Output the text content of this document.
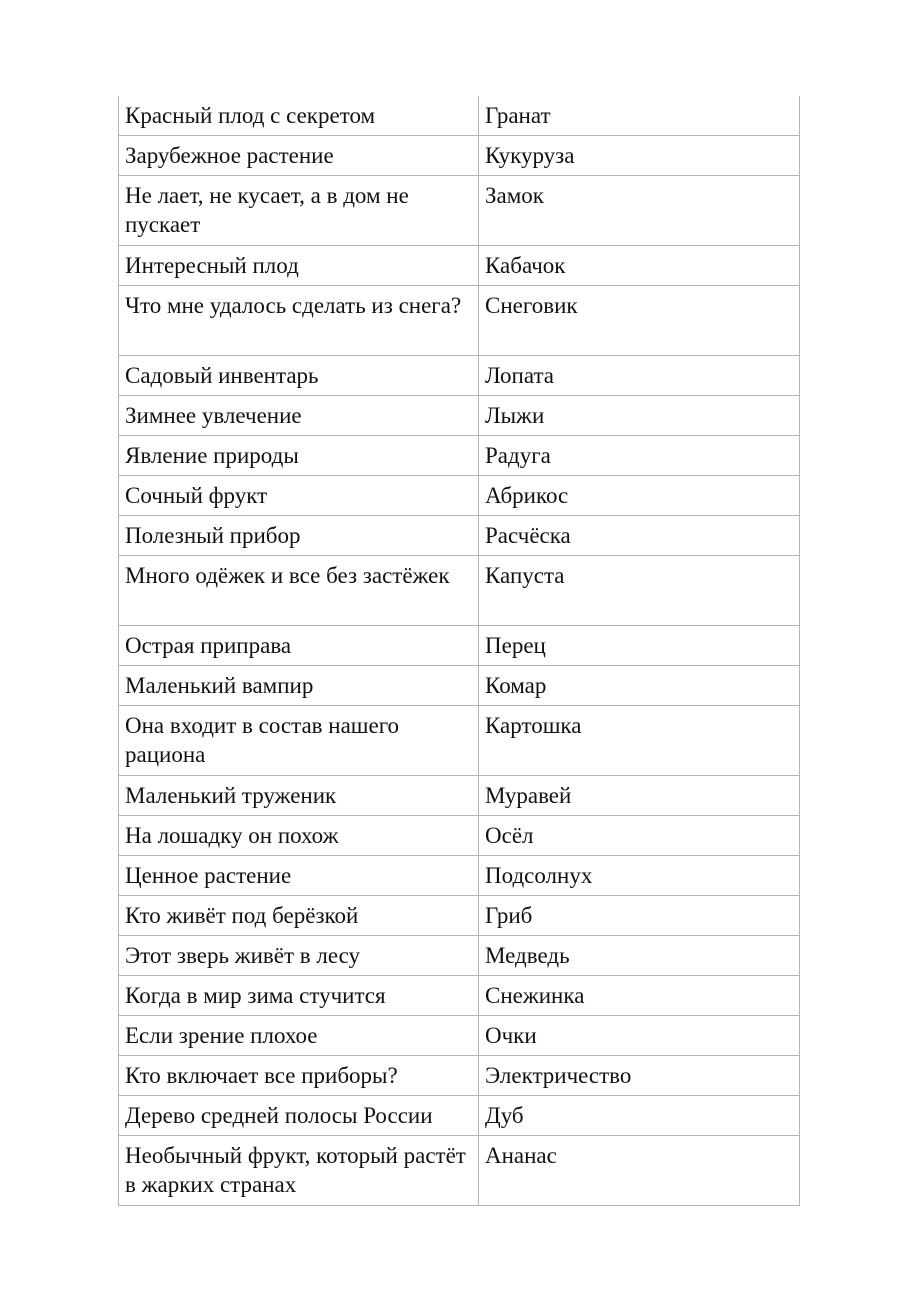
Красный плод с секретом	Гранат
Зарубежное растение	Кукуруза
Не лает, не кусает, а в дом не пускает	Замок
Интересный плод	Кабачок
Что мне удалось сделать из снега?	Снеговик
Садовый инвентарь	Лопата
Зимнее увлечение	Лыжи
Явление природы	Радуга
Сочный фрукт	Абрикос
Полезный прибор	Расчёска
Много одёжек и все без застёжек	Капуста
Острая приправа	Перец
Маленький вампир	Комар
Она входит в состав нашего рациона	Картошка
Маленький труженик	Муравей
На лошадку он похож	Осёл
Ценное растение	Подсолнух
Кто живёт под берёзкой	Гриб
Этот зверь живёт в лесу	Медведь
Когда в мир зима стучится	Снежинка
Если зрение плохое	Очки
Кто включает все приборы?	Электричество
Дерево средней полосы России	Дуб
Необычный фрукт, который растёт в жарких странах	Ананас
